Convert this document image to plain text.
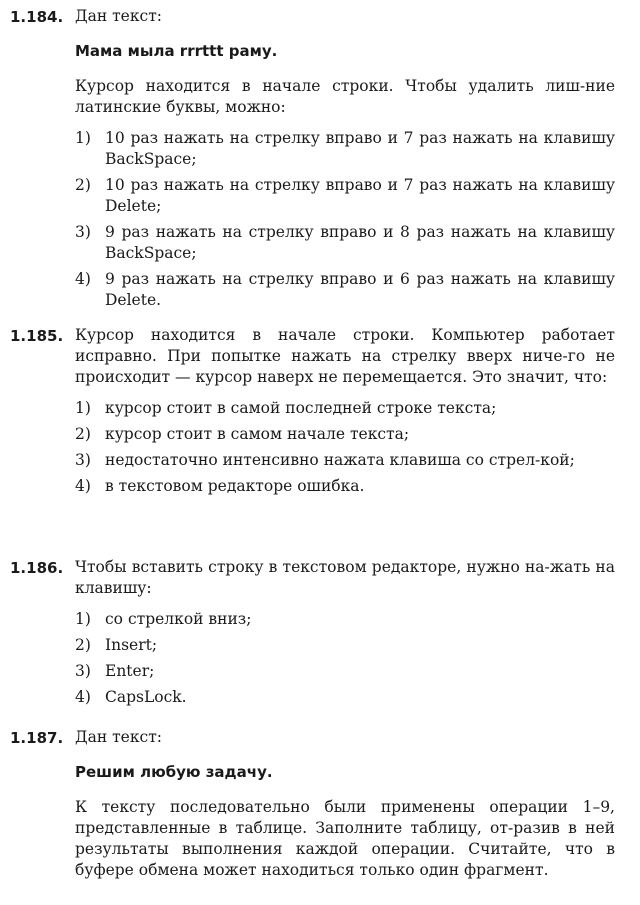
1.184. Дан текст:
Мама мыла rrrttt раму.
Курсор находится в начале строки. Чтобы удалить лиш-ние латинские буквы, можно:
1) 10 раз нажать на стрелку вправо и 7 раз нажать на клавишу BackSpace;
2) 10 раз нажать на стрелку вправо и 7 раз нажать на клавишу Delete;
3) 9 раз нажать на стрелку вправо и 8 раз нажать на клавишу BackSpace;
4) 9 раз нажать на стрелку вправо и 6 раз нажать на клавишу Delete.
1.185. Курсор находится в начале строки. Компьютер работает исправно. При попытке нажать на стрелку вверх ниче-го не происходит — курсор наверх не перемещается. Это значит, что:
1) курсор стоит в самой последней строке текста;
2) курсор стоит в самом начале текста;
3) недостаточно интенсивно нажата клавиша со стрел-кой;
4) в текстовом редакторе ошибка.
1.186. Чтобы вставить строку в текстовом редакторе, нужно на-жать на клавишу:
1) со стрелкой вниз;
2) Insert;
3) Enter;
4) CapsLock.
1.187. Дан текст:
Решим любую задачу.
К тексту последовательно были применены операции 1–9, представленные в таблице. Заполните таблицу, от-разив в ней результаты выполнения каждой операции. Считайте, что в буфере обмена может находиться только один фрагмент.
